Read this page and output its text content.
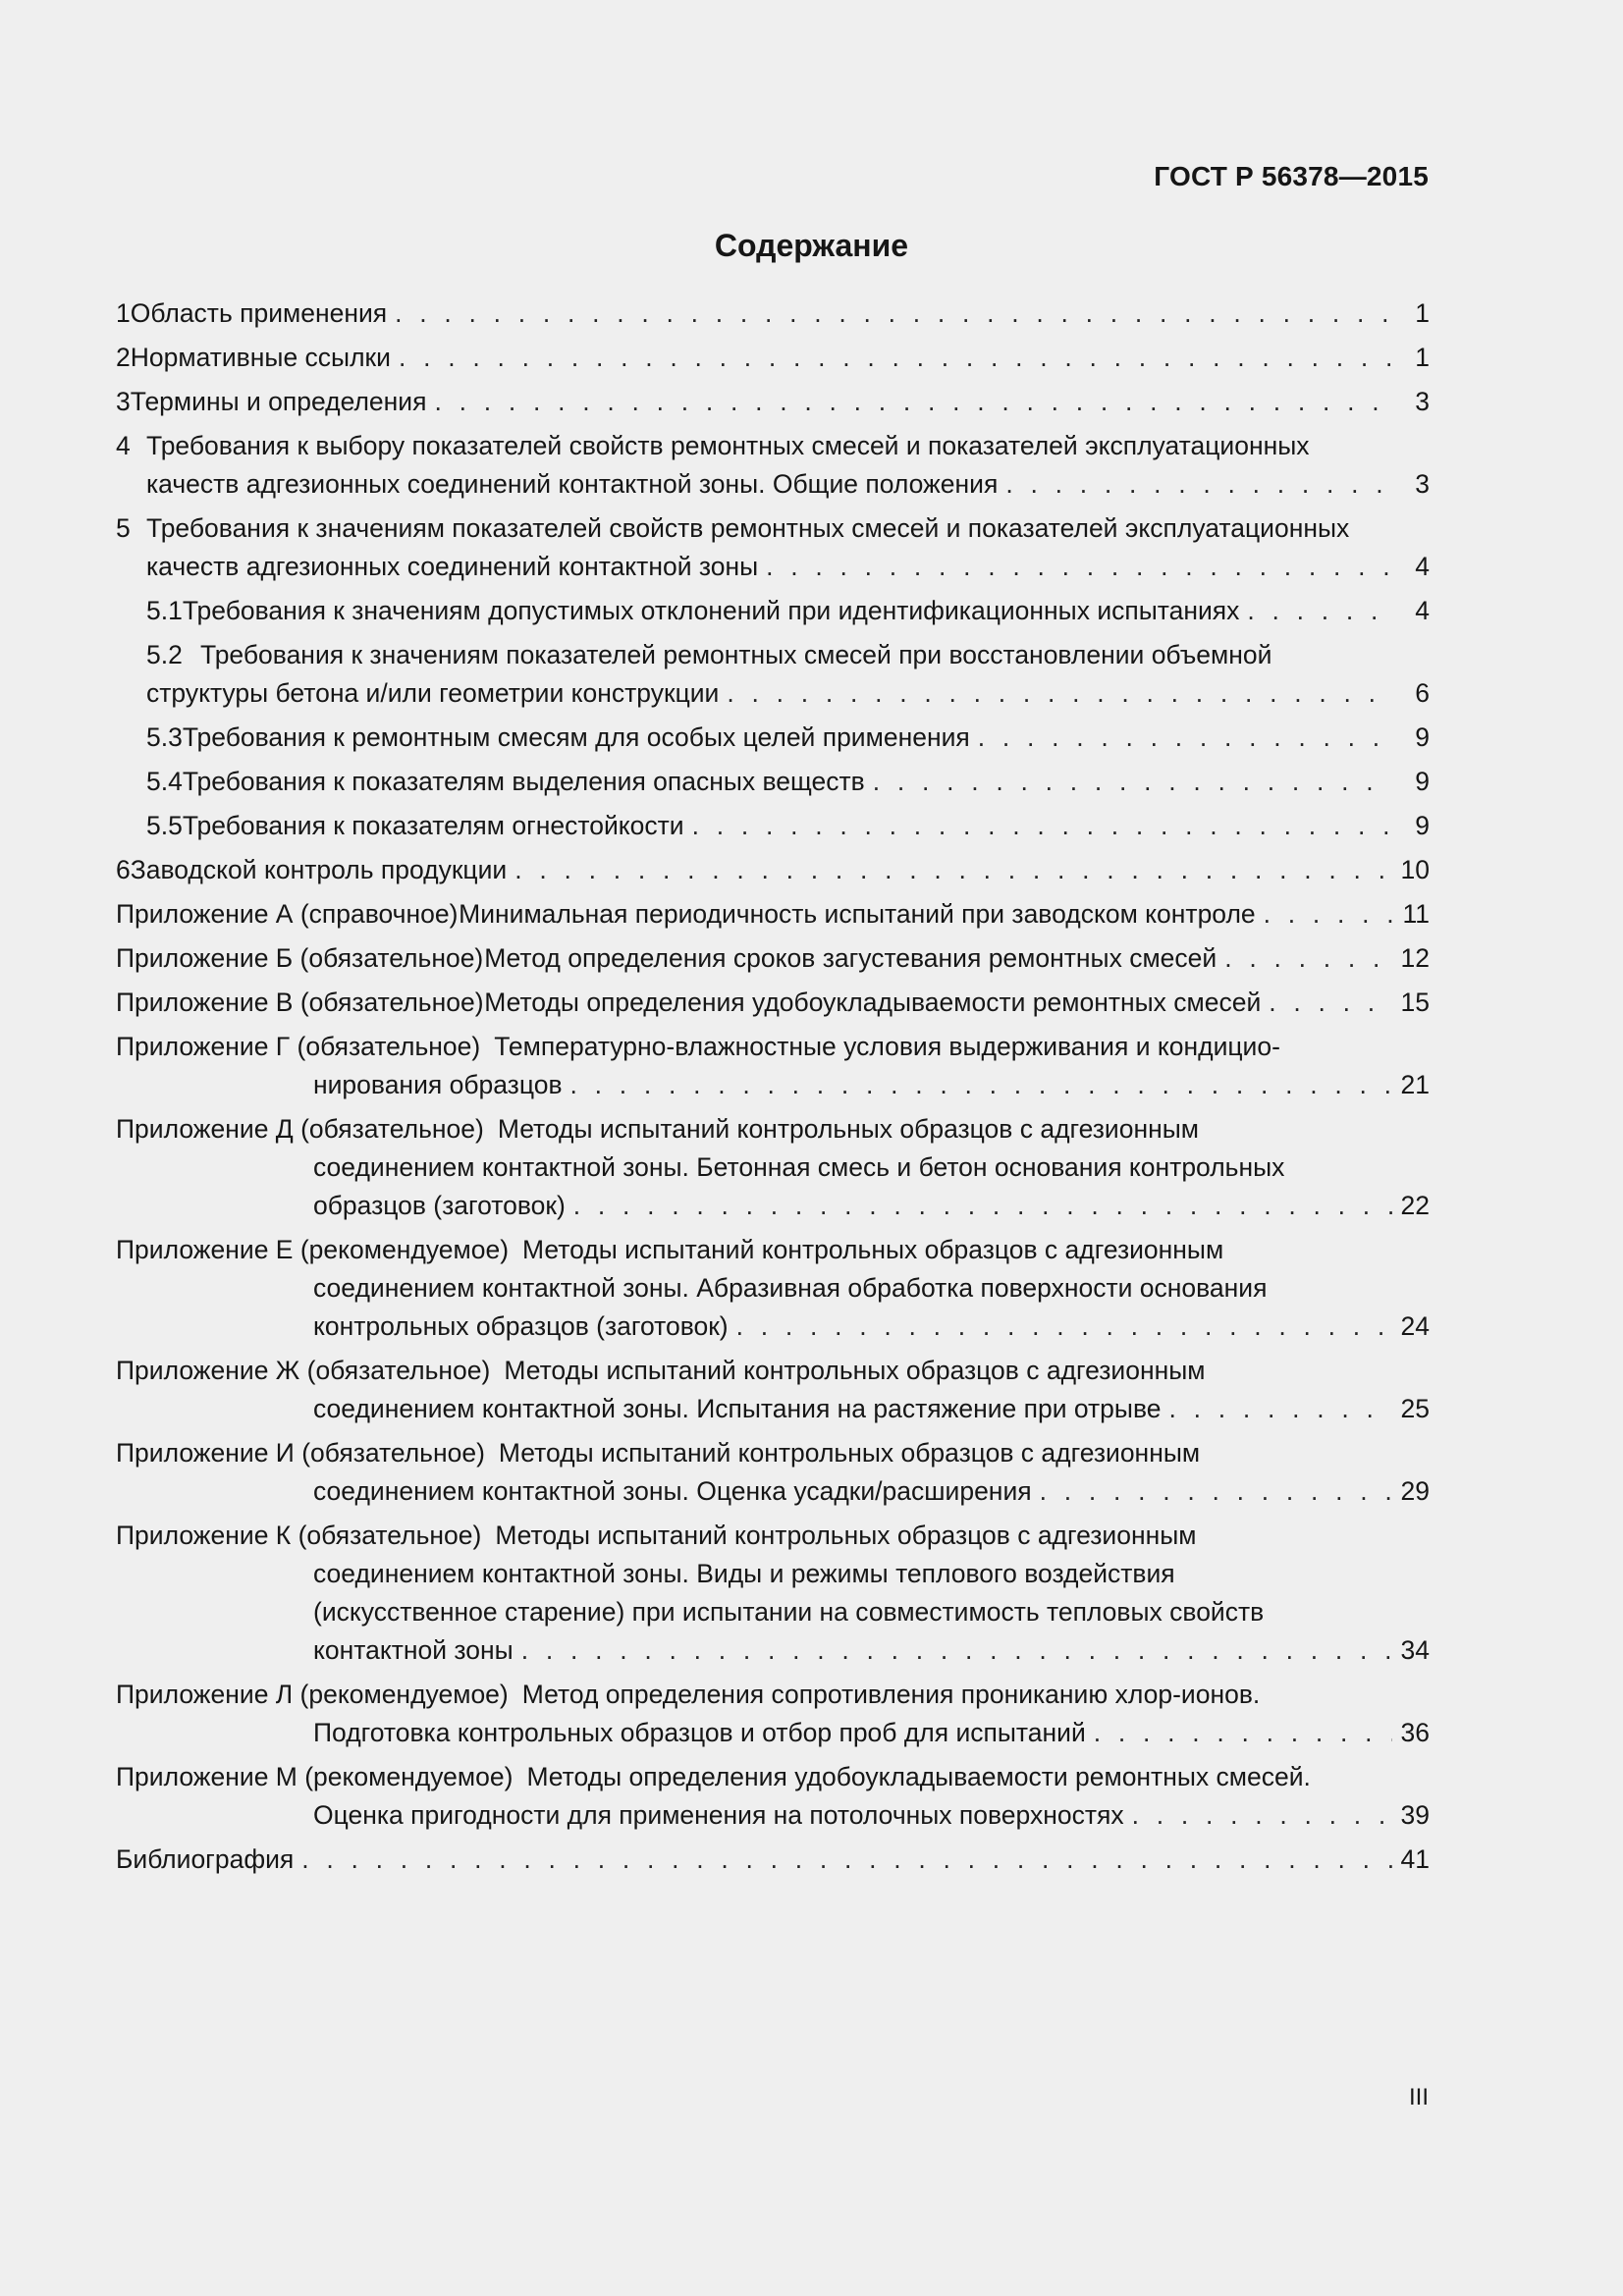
ГОСТ Р 56378—2015
Содержание
1 Область применения . . .	1
2 Нормативные ссылки . . .	1
3 Термины и определения . . .	3
4 Требования к выбору показателей свойств ремонтных смесей и показателей эксплуатационных
качеств адгезионных соединений контактной зоны. Общие положения . . .	3
5 Требования к значениям показателей свойств ремонтных смесей и показателей эксплуатационных
качеств адгезионных соединений контактной зоны . . .	4
5.1 Требования к значениям допустимых отклонений при идентификационных испытаниях . . .	4
5.2 Требования к значениям показателей ремонтных смесей при восстановлении объемной
структуры бетона и/или геометрии конструкции . . .	6
5.3 Требования к ремонтным смесям для особых целей применения . . .	9
5.4 Требования к показателям выделения опасных веществ . . .	9
5.5 Требования к показателям огнестойкости . . .	9
6 Заводской контроль продукции . . .	10
Приложение А (справочное) Минимальная периодичность испытаний при заводском контроле . . .	11
Приложение Б (обязательное) Метод определения сроков загустевания ремонтных смесей . . .	12
Приложение В (обязательное) Методы определения удобоукладываемости ремонтных смесей . . .	15
Приложение Г (обязательное) Температурно-влажностные условия выдерживания и кондицио-
нирования образцов . . .	21
Приложение Д (обязательное) Методы испытаний контрольных образцов с адгезионным
соединением контактной зоны. Бетонная смесь и бетон основания контрольных
образцов (заготовок) . . .	22
Приложение Е (рекомендуемое) Методы испытаний контрольных образцов с адгезионным
соединением контактной зоны. Абразивная обработка поверхности основания
контрольных образцов (заготовок) . . .	24
Приложение Ж (обязательное) Методы испытаний контрольных образцов с адгезионным
соединением контактной зоны. Испытания на растяжение при отрыве . . .	25
Приложение И (обязательное) Методы испытаний контрольных образцов с адгезионным
соединением контактной зоны. Оценка усадки/расширения . . .	29
Приложение К (обязательное) Методы испытаний контрольных образцов с адгезионным
соединением контактной зоны. Виды и режимы теплового воздействия
(искусственное старение) при испытании на совместимость тепловых свойств
контактной зоны . . .	34
Приложение Л (рекомендуемое) Метод определения сопротивления прониканию хлор-ионов.
Подготовка контрольных образцов и отбор проб для испытаний . . .	36
Приложение М (рекомендуемое) Методы определения удобоукладываемости ремонтных смесей.
Оценка пригодности для применения на потолочных поверхностях . . .	39
Библиография . . .	41
III
